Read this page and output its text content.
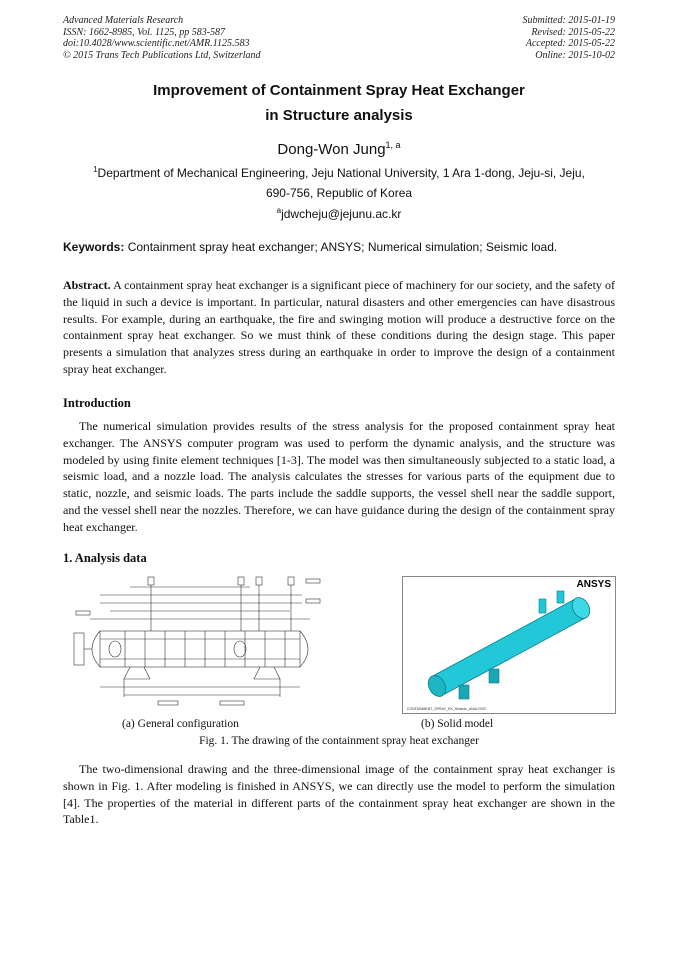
Advanced Materials Research
ISSN: 1662-8985, Vol. 1125, pp 583-587
doi:10.4028/www.scientific.net/AMR.1125.583
© 2015 Trans Tech Publications Ltd, Switzerland
Submitted: 2015-01-19
Revised: 2015-05-22
Accepted: 2015-05-22
Online: 2015-10-02
Improvement of Containment Spray Heat Exchanger
in Structure analysis
Dong-Won Jung$^{1, a}$
$^1$Department of Mechanical Engineering, Jeju National University, 1 Ara 1-dong, Jeju-si, Jeju,
690-756, Republic of Korea
$^a$jdwcheju@jejunu.ac.kr
Keywords: Containment spray heat exchanger; ANSYS; Numerical simulation; Seismic load.
Abstract. A containment spray heat exchanger is a significant piece of machinery for our society, and the safety of the liquid in such a device is important. In particular, natural disasters and other emergencies can have disastrous results. For example, during an earthquake, the fire and swinging motion will produce a destructive force on the containment spray heat exchanger. So we must think of these conditions during the design stage. This paper presents a simulation that analyzes stress during an earthquake in order to improve the design of a containment spray heat exchanger.
Introduction
The numerical simulation provides results of the stress analysis for the proposed containment spray heat exchanger. The ANSYS computer program was used to perform the dynamic analysis, and the structure was modeled by using finite element techniques [1-3]. The model was then simultaneously subjected to a static load, a seismic load, and a nozzle load. The analysis calculates the stresses for various parts of the equipment due to static, nozzle, and seismic loads. The parts include the saddle supports, the vessel shell near the saddle support, and the vessel shell near the nozzles. Therefore, we can have guidance during the design of the containment spray heat exchanger.
1. Analysis data
ANSYS
CONTAINMENT_SPRAY_HX_Seismic_ANALYSIS
(a) General configuration	(b) Solid model
Fig. 1. The drawing of the containment spray heat exchanger
The two-dimensional drawing and the three-dimensional image of the containment spray heat exchanger is shown in Fig. 1. After modeling is finished in ANSYS, we can directly use the model to perform the simulation [4]. The properties of the material in different parts of the containment spray heat exchanger are shown in the Table1.
